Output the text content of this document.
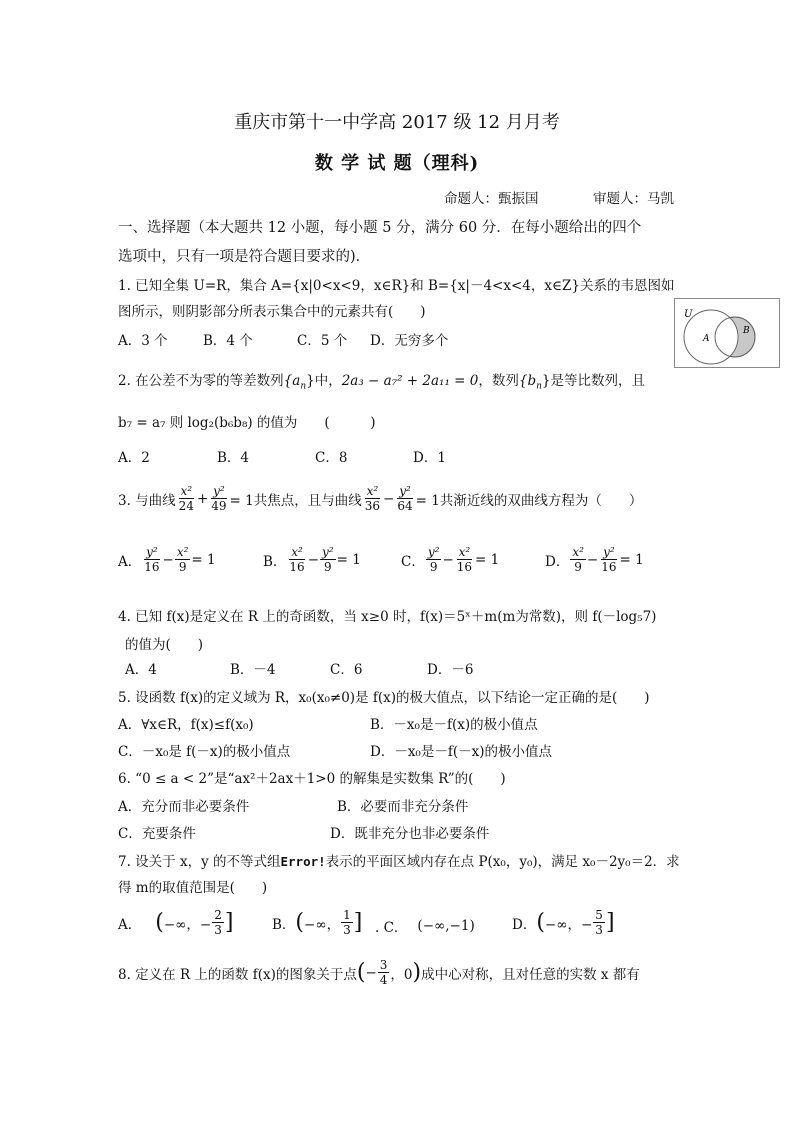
重庆市第十一中学高 2017 级 12 月月考
数 学 试 题（理科)
命题人：甄振国	审题人：马凯
一、选择题（本大题共 12 小题，每小题 5 分，满分 60 分．在每小题给出的四个
选项中，只有一项是符合题目要求的)．
1. 已知全集 U=R，集合 A={x|0<x<9，x∈R}和 B={x|－4<x<4，x∈Z}关系的韦恩图如
图所示，则阴影部分所表示集合中的元素共有(　　)
A．3 个	B．4 个	C．5 个 D．无穷多个
U
A
B
2. 在公差不为零的等差数列$\{a_n\}$中，2a₃ − a₇² + 2a₁₁ = 0，数列$\{b_n\}$是等比数列，且
b₇ = a₇ 则 log₂(b₆b₈) 的值为　　(　　　)
A．2	B．4	C．8	D．1
3. 与曲线 $\frac{\text{x²}}{24} + \frac{\text{y²}}{49} = 1$共焦点，且与曲线 $\frac{\text{x²}}{36} - \frac{\text{y²}}{64} = 1$共渐近线的双曲线方程为（　　）
A． $\frac{\text{y²}}{16} - \frac{\text{x²}}{9} = 1$	B． $\frac{\text{x²}}{16} - \frac{\text{y²}}{9} = 1$	C． $\frac{\text{y²}}{9} - \frac{\text{x²}}{16} = 1$	D． $\frac{\text{x²}}{9} - \frac{\text{y²}}{16} = 1$
4. 已知 f(x)是定义在 R 上的奇函数，当 x≥0 时，f(x)＝5ˣ＋m(m为常数)，则 f(－log₅7)
的值为(　　)
A．4	B．－4	C．6	D．－6
5. 设函数 f(x)的定义域为 R，x₀(x₀≠0)是 f(x)的极大值点，以下结论一定正确的是(　　)
A．∀x∈R，f(x)≤f(x₀)	B．－x₀是－f(x)的极小值点
C．－x₀是 f(－x)的极小值点	D．－x₀是－f(－x)的极小值点
6. “0 ≤ a < 2”是“ax²＋2ax＋1>0 的解集是实数集 R”的(　　)
A．充分而非必要条件	B．必要而非充分条件
C．充要条件	D．既非充分也非必要条件
7. 设关于 x，y 的不等式组Error!表示的平面区域内存在点 P(x₀，y₀)，满足 x₀－2y₀＝2．求
得 m的取值范围是(　　)
A． ( −∞，− $\frac{2}{3}$ ]	B． ( −∞， $\frac{1}{3}$ ] . C． (−∞,−1)	D． ( −∞，− $\frac{5}{3}$ ]
8. 定义在 R 上的函数 f(x)的图象关于点 ( − $\frac{3}{4}$ ，0 ) 成中心对称，且对任意的实数 x 都有
